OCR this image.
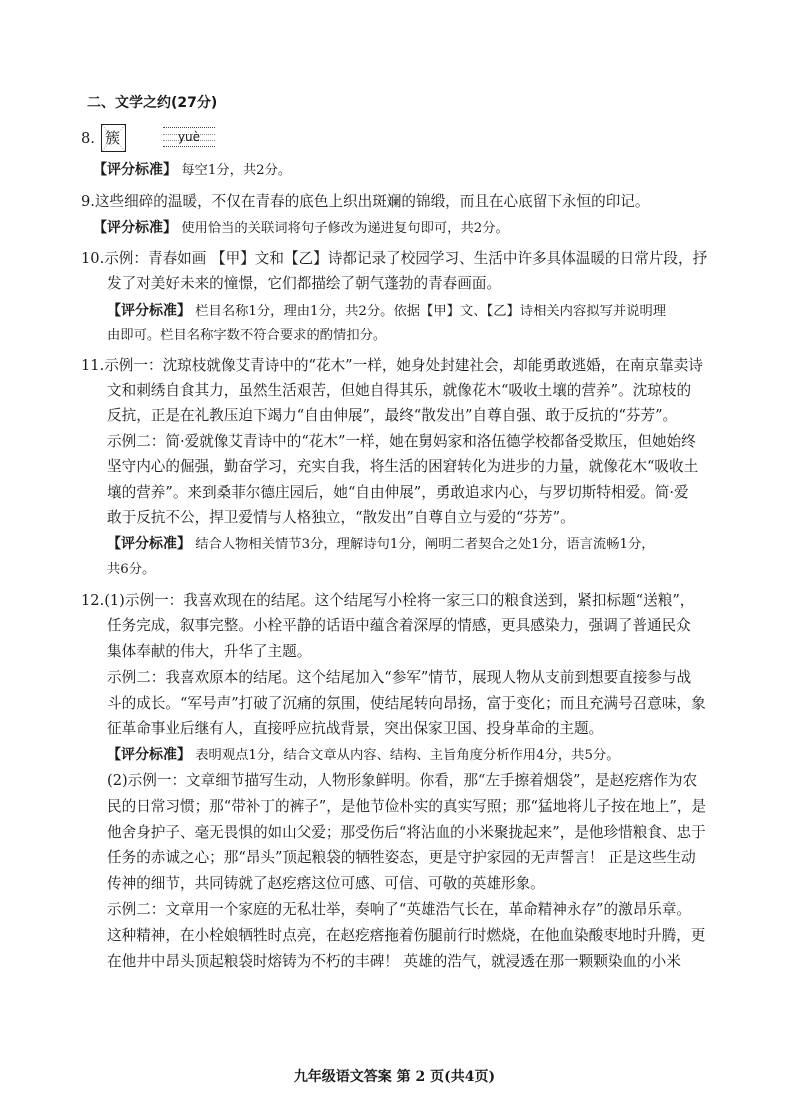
二、文学之约(27分)
8. 簇	yuè
【评分标准】 每空1分，共2分。
9.这些细碎的温暖，不仅在青春的底色上织出斑斓的锦缎，而且在心底留下永恒的印记。
【评分标准】 使用恰当的关联词将句子修改为递进复句即可，共2分。
10.示例：青春如画 【甲】文和【乙】诗都记录了校园学习、生活中许多具体温暖的日常片段，抒
发了对美好未来的憧憬，它们都描绘了朝气蓬勃的青春画面。
【评分标准】 栏目名称1分，理由1分，共2分。依据【甲】文、【乙】诗相关内容拟写并说明理
由即可。栏目名称字数不符合要求的酌情扣分。
11.示例一：沈琼枝就像艾青诗中的“花木”一样，她身处封建社会，却能勇敢逃婚，在南京靠卖诗
文和刺绣自食其力，虽然生活艰苦，但她自得其乐，就像花木“吸收土壤的营养”。沈琼枝的
反抗，正是在礼教压迫下竭力“自由伸展”，最终“散发出”自尊自强、敢于反抗的“芬芳”。
示例二：简·爱就像艾青诗中的“花木”一样，她在舅妈家和洛伍德学校都备受欺压，但她始终
坚守内心的倔强，勤奋学习，充实自我，将生活的困窘转化为进步的力量，就像花木“吸收土
壤的营养”。来到桑菲尔德庄园后，她“自由伸展”，勇敢追求内心，与罗切斯特相爱。简·爱
敢于反抗不公，捍卫爱情与人格独立，“散发出”自尊自立与爱的“芬芳”。
【评分标准】 结合人物相关情节3分，理解诗句1分，阐明二者契合之处1分，语言流畅1分，
共6分。
12.(1)示例一：我喜欢现在的结尾。这个结尾写小栓将一家三口的粮食送到，紧扣标题“送粮”，
任务完成，叙事完整。小栓平静的话语中蕴含着深厚的情感，更具感染力，强调了普通民众
集体奉献的伟大，升华了主题。
示例二：我喜欢原本的结尾。这个结尾加入“参军”情节，展现人物从支前到想要直接参与战
斗的成长。“军号声”打破了沉痛的氛围，使结尾转向昂扬，富于变化；而且充满号召意味，象
征革命事业后继有人，直接呼应抗战背景，突出保家卫国、投身革命的主题。
【评分标准】 表明观点1分，结合文章从内容、结构、主旨角度分析作用4分，共5分。
(2)示例一：文章细节描写生动，人物形象鲜明。你看，那“左手擦着烟袋”，是赵疙瘩作为农
民的日常习惯；那“带补丁的裤子”，是他节俭朴实的真实写照；那“猛地将儿子按在地上”，是
他舍身护子、毫无畏惧的如山父爱；那受伤后“将沾血的小米聚拢起来”，是他珍惜粮食、忠于
任务的赤诚之心；那“昂头”顶起粮袋的牺牲姿态，更是守护家园的无声誓言！ 正是这些生动
传神的细节，共同铸就了赵疙瘩这位可感、可信、可敬的英雄形象。
示例二：文章用一个家庭的无私壮举，奏响了“英雄浩气长在，革命精神永存”的激昂乐章。
这种精神，在小栓娘牺牲时点亮，在赵疙瘩拖着伤腿前行时燃烧，在他血染酸枣地时升腾，更
在他井中昂头顶起粮袋时熔铸为不朽的丰碑！ 英雄的浩气，就浸透在那一颗颗染血的小米
九年级语文答案 第 2 页(共4页)
